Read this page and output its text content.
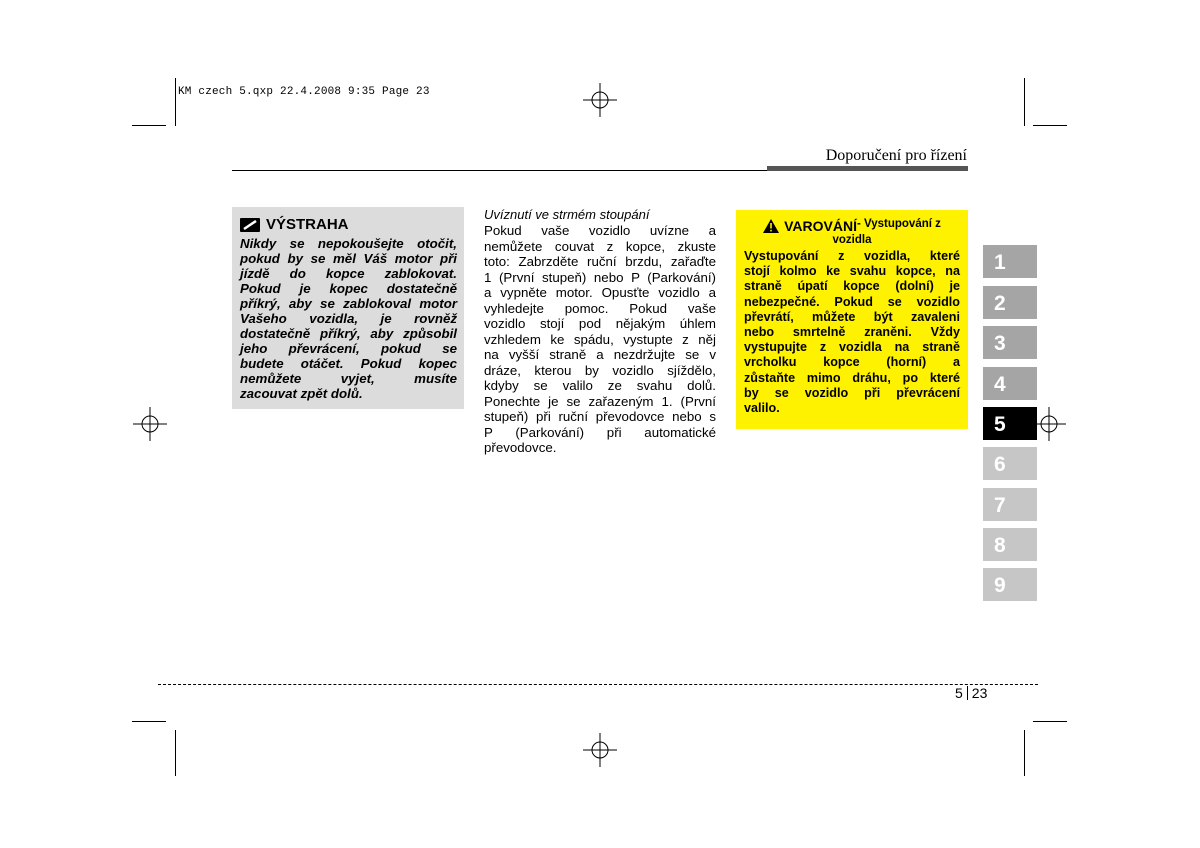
KM czech 5.qxp 22.4.2008 9:35 Page 23
Doporučení pro řízení
VÝSTRAHA
Nikdy se nepokoušejte otočit,
pokud by se měl Váš motor při
jízdě do kopce zablokovat.
Pokud je kopec dostatečně
příkrý, aby se zablokoval motor
Vašeho vozidla, je rovněž
dostatečně příkrý, aby způsobil
jeho převrácení, pokud se
budete otáčet. Pokud kopec
nemůžete vyjet, musíte
zacouvat zpět dolů.
Uvíznutí ve strmém stoupání
Pokud vaše vozidlo uvízne a
nemůžete couvat z kopce, zkuste
toto: Zabrzděte ruční brzdu, zařaďte
1 (První stupeň) nebo P (Parkování)
a vypněte motor. Opusťte vozidlo a
vyhledejte pomoc. Pokud vaše
vozidlo stojí pod nějakým úhlem
vzhledem ke spádu, vystupte z něj
na vyšší straně a nezdržujte se v
dráze, kterou by vozidlo sjíždělo,
kdyby se valilo ze svahu dolů.
Ponechte je se zařazeným 1. (První
stupeň) při ruční převodovce nebo s
P (Parkování) při automatické
převodovce.
VAROVÁNÍ - Vystupování z
vozidla
Vystupování z vozidla, které
stojí kolmo ke svahu kopce, na
straně úpatí kopce (dolní) je
nebezpečné. Pokud se vozidlo
převrátí, můžete být zavaleni
nebo smrtelně zraněni. Vždy
vystupujte z vozidla na straně
vrcholku kopce (horní) a
zůstaňte mimo dráhu, po které
by se vozidlo při převrácení
valilo.
1
2
3
4
5
6
7
8
9
5 23
